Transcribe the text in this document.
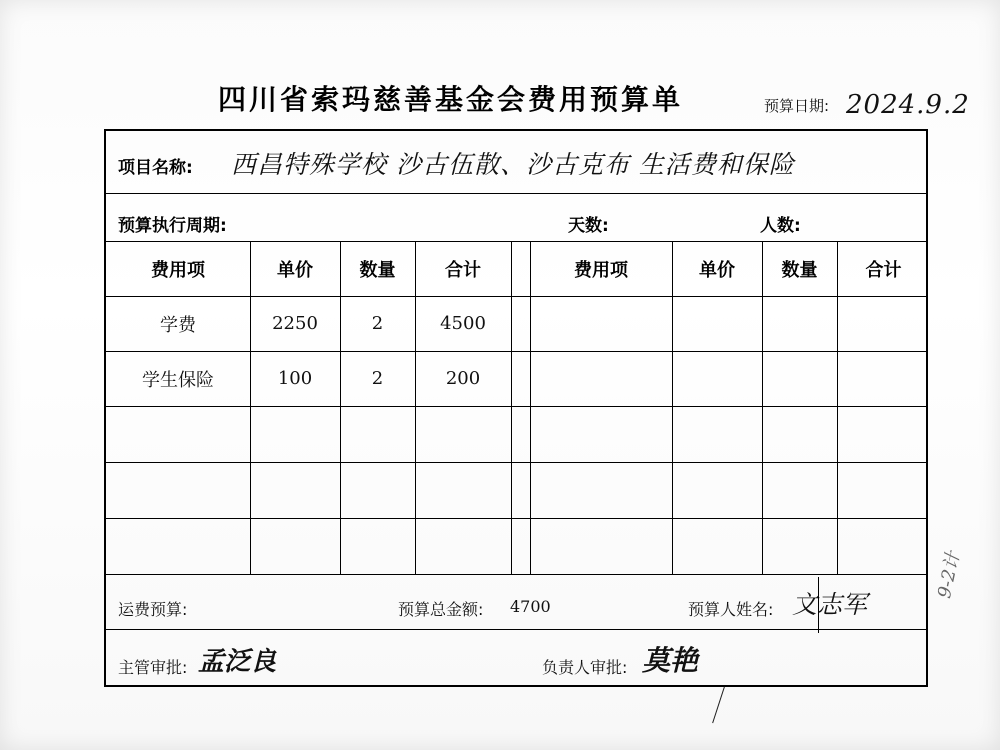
四川省索玛慈善基金会费用预算单	预算日期: 2024.9.2
项目名称: 西昌特殊学校 沙古伍散、沙古克布 生活费和保险
预算执行周期:	天数:	人数:
费用项	单价	数量	合计	费用项	单价	数量	合计
学费	2250	2	4500
学生保险	100	2	200
运费预算:	预算总金额: 4700	预算人姓名: 文志军
主管审批: 孟泛良	负责人审批: 莫艳
9-2计
